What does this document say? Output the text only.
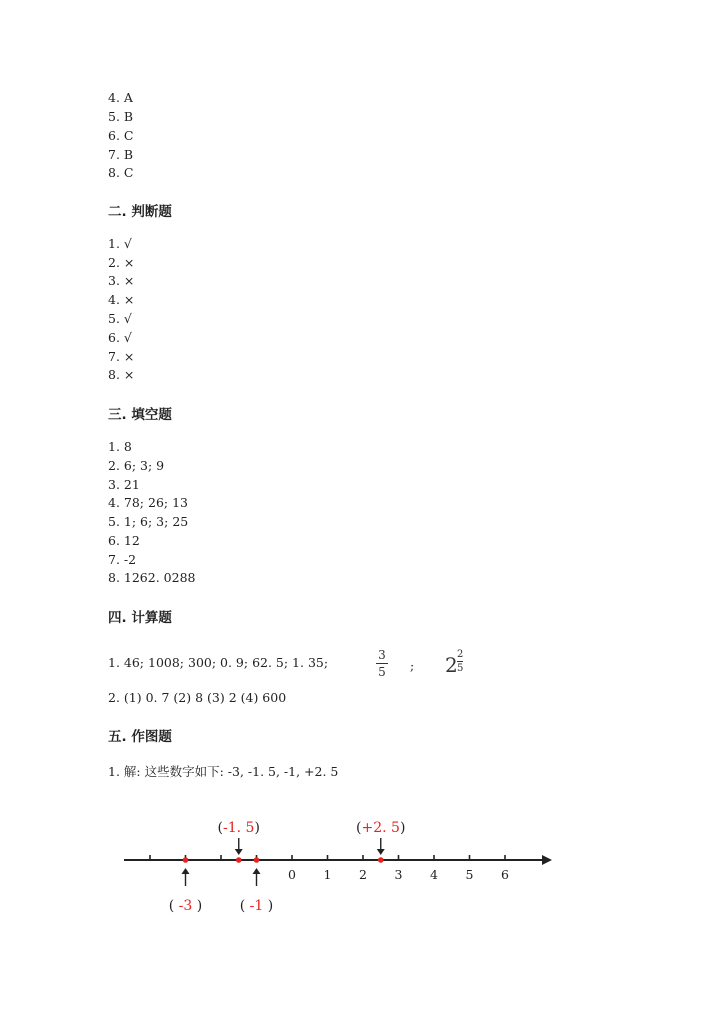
4. A
5. B
6. C
7. B
8. C
二. 判断题
1. √
2. ×
3. ×
4. ×
5. √
6. √
7. ×
8. ×
三. 填空题
1. 8
2. 6; 3; 9
3. 21
4. 78; 26; 13
5. 1; 6; 3; 25
6. 12
7. -2
8. 1262. 0288
四. 计算题
1. 46; 1008; 300; 0. 9; 62. 5; 1. 35;	3
5 ; 2 2
5
2. (1) 0. 7 (2) 8 (3) 2 (4) 600
五. 作图题
1. 解: 这些数字如下: -3, -1. 5, -1, +2. 5
0 1 2 3 4 5 6
( -3 )
(-1. 5)
( -1 )
(+2. 5)
